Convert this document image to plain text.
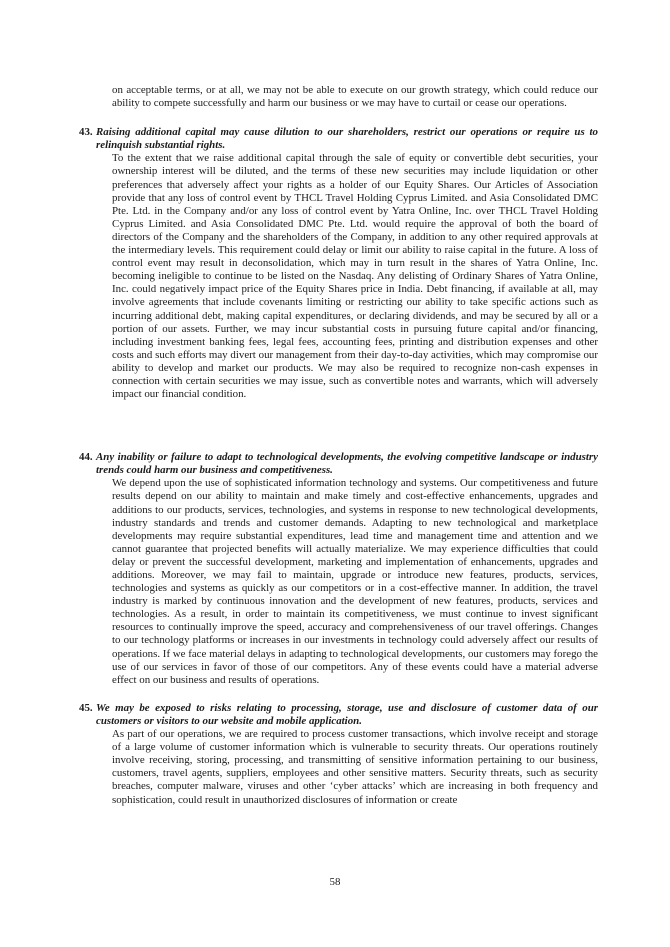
on acceptable terms, or at all, we may not be able to execute on our growth strategy, which could reduce our ability to compete successfully and harm our business or we may have to curtail or cease our operations.

43. Raising additional capital may cause dilution to our shareholders, restrict our operations or require us to relinquish substantial rights.

To the extent that we raise additional capital through the sale of equity or convertible debt securities, your ownership interest will be diluted, and the terms of these new securities may include liquidation or other preferences that adversely affect your rights as a holder of our Equity Shares. Our Articles of Association provide that any loss of control event by THCL Travel Holding Cyprus Limited. and Asia Consolidated DMC Pte. Ltd. in the Company and/or any loss of control event by Yatra Online, Inc. over THCL Travel Holding Cyprus Limited. and Asia Consolidated DMC Pte. Ltd. would require the approval of both the board of directors of the Company and the shareholders of the Company, in addition to any other required approvals at the intermediary levels. This requirement could delay or limit our ability to raise capital in the future. A loss of control event may result in deconsolidation, which may in turn result in the shares of Yatra Online, Inc. becoming ineligible to continue to be listed on the Nasdaq. Any delisting of Ordinary Shares of Yatra Online, Inc. could negatively impact price of the Equity Shares price in India. Debt financing, if available at all, may involve agreements that include covenants limiting or restricting our ability to take specific actions such as incurring additional debt, making capital expenditures, or declaring dividends, and may be secured by all or a portion of our assets. Further, we may incur substantial costs in pursuing future capital and/or financing, including investment banking fees, legal fees, accounting fees, printing and distribution expenses and other costs and such efforts may divert our management from their day-to-day activities, which may compromise our ability to develop and market our products. We may also be required to recognize non-cash expenses in connection with certain securities we may issue, such as convertible notes and warrants, which will adversely impact our financial condition.

44. Any inability or failure to adapt to technological developments, the evolving competitive landscape or industry trends could harm our business and competitiveness.

We depend upon the use of sophisticated information technology and systems. Our competitiveness and future results depend on our ability to maintain and make timely and cost-effective enhancements, upgrades and additions to our products, services, technologies, and systems in response to new technological developments, industry standards and trends and customer demands. Adapting to new technological and marketplace developments may require substantial expenditures, lead time and management time and attention and we cannot guarantee that projected benefits will actually materialize. We may experience difficulties that could delay or prevent the successful development, marketing and implementation of enhancements, upgrades and additions. Moreover, we may fail to maintain, upgrade or introduce new features, products, services, technologies and systems as quickly as our competitors or in a cost-effective manner. In addition, the travel industry is marked by continuous innovation and the development of new features, products, services and technologies. As a result, in order to maintain its competitiveness, we must continue to invest significant resources to continually improve the speed, accuracy and comprehensiveness of our travel offerings. Changes to our technology platforms or increases in our investments in technology could adversely affect our results of operations. If we face material delays in adapting to technological developments, our customers may forego the use of our services in favor of those of our competitors. Any of these events could have a material adverse effect on our business and results of operations.

45. We may be exposed to risks relating to processing, storage, use and disclosure of customer data of our customers or visitors to our website and mobile application.

As part of our operations, we are required to process customer transactions, which involve receipt and storage of a large volume of customer information which is vulnerable to security threats. Our operations routinely involve receiving, storing, processing, and transmitting of sensitive information pertaining to our business, customers, travel agents, suppliers, employees and other sensitive matters. Security threats, such as security breaches, computer malware, viruses and other ‘cyber attacks’ which are increasing in both frequency and sophistication, could result in unauthorized disclosures of information or create

58
